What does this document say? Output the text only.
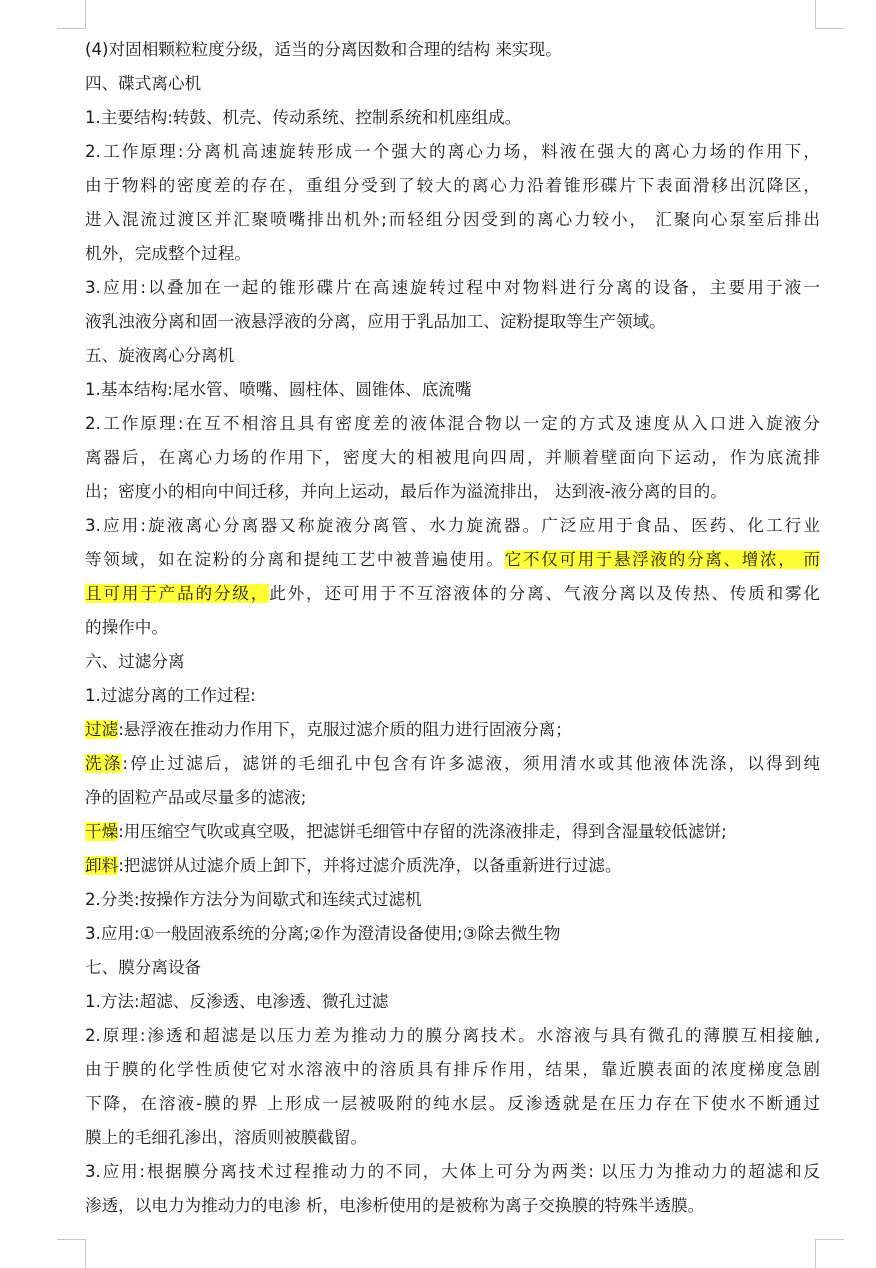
(4)对固相颗粒粒度分级，适当的分离因数和合理的结构 来实现。
四、碟式离心机
1.主要结构:转鼓、机壳、传动系统、控制系统和机座组成。
2.工作原理:分离机高速旋转形成一个强大的离心力场，料液在强大的离心力场的作用下，
由于物料的密度差的存在，重组分受到了较大的离心力沿着锥形碟片下表面滑移出沉降区，
进入混流过渡区并汇聚喷嘴排出机外;而轻组分因受到的离心力较小， 汇聚向心泵室后排出
机外，完成整个过程。
3.应用:以叠加在一起的锥形碟片在高速旋转过程中对物料进行分离的设备，主要用于液一
液乳浊液分离和固一液悬浮液的分离，应用于乳品加工、淀粉提取等生产领域。
五、旋液离心分离机
1.基本结构:尾水管、喷嘴、圆柱体、圆锥体、底流嘴
2.工作原理:在互不相溶且具有密度差的液体混合物以一定的方式及速度从入口进入旋液分
离器后，在离心力场的作用下，密度大的相被甩向四周，并顺着壁面向下运动，作为底流排
出；密度小的相向中间迁移，并向上运动，最后作为溢流排出， 达到液-液分离的目的。
3.应用:旋液离心分离器又称旋液分离管、水力旋流器。广泛应用于食品、医药、化工行业
等领域，如在淀粉的分离和提纯工艺中被普遍使用。它不仅可用于悬浮液的分离、增浓， 而
且可用于产品的分级，此外，还可用于不互溶液体的分离、气液分离以及传热、传质和雾化
的操作中。
六、过滤分离
1.过滤分离的工作过程:
过滤:悬浮液在推动力作用下，克服过滤介质的阻力进行固液分离；
洗涤:停止过滤后，滤饼的毛细孔中包含有许多滤液，须用清水或其他液体洗涤，以得到纯
净的固粒产品或尽量多的滤液;
干燥:用压缩空气吹或真空吸，把滤饼毛细管中存留的洗涤液排走，得到含湿量较低滤饼;
卸料:把滤饼从过滤介质上卸下，并将过滤介质洗净，以备重新进行过滤。
2.分类:按操作方法分为间歇式和连续式过滤机
3.应用:①一般固液系统的分离;②作为澄清设备使用;③除去微生物
七、膜分离设备
1.方法:超滤、反渗透、电渗透、微孔过滤
2.原理:渗透和超滤是以压力差为推动力的膜分离技术。水溶液与具有微孔的薄膜互相接触,
由于膜的化学性质使它对水溶液中的溶质具有排斥作用，结果，靠近膜表面的浓度梯度急剧
下降，在溶液-膜的界 上形成一层被吸附的纯水层。反渗透就是在压力存在下使水不断通过
膜上的毛细孔渗出，溶质则被膜截留。
3.应用:根据膜分离技术过程推动力的不同，大体上可分为两类: 以压力为推动力的超滤和反
渗透，以电力为推动力的电渗 析，电渗析使用的是被称为离子交换膜的特殊半透膜。
